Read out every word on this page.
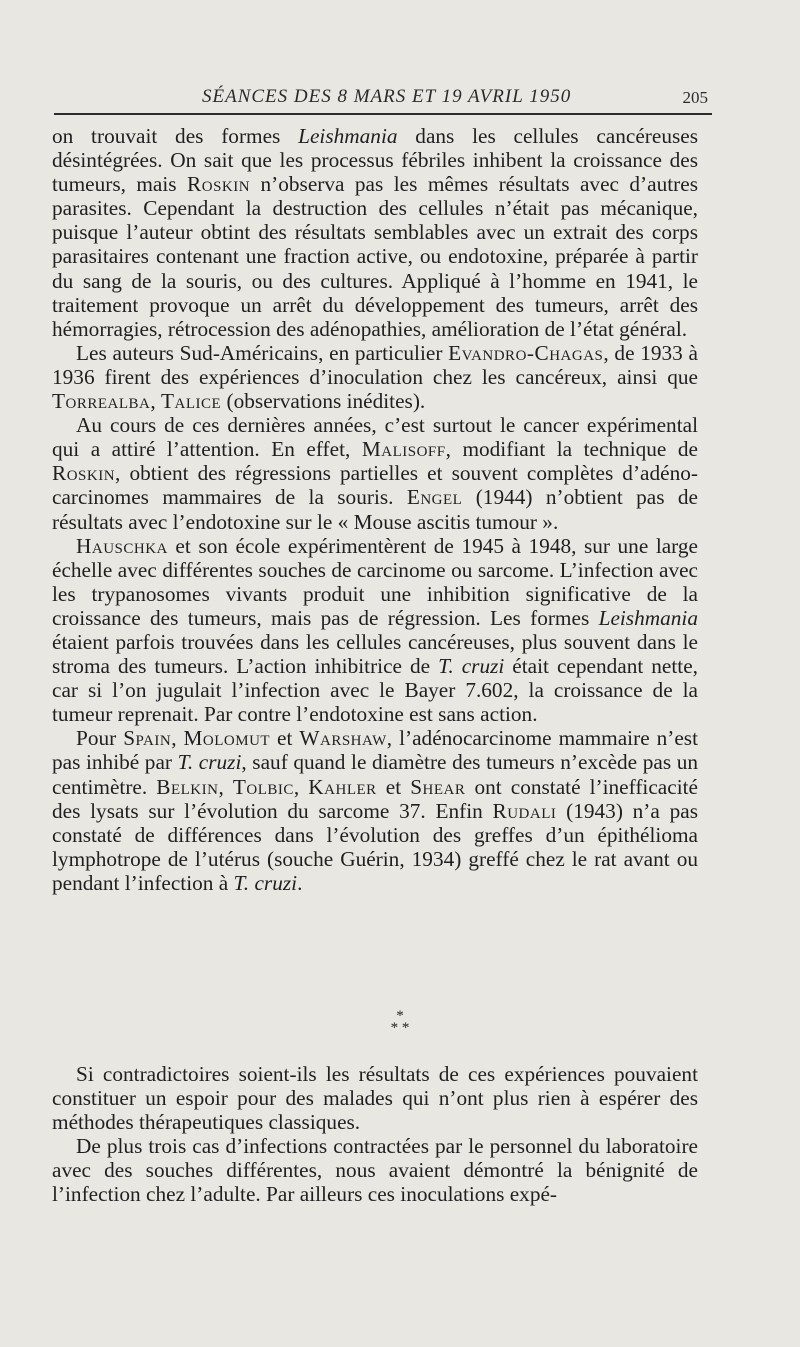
SÉANCES DES 8 MARS ET 19 AVRIL 1950	205

on trouvait des formes Leishmania dans les cellules cancéreuses désintégrées. On sait que les processus fébriles inhibent la croissance des tumeurs, mais Roskin n’observa pas les mêmes résultats avec d’autres parasites. Cependant la destruction des cellules n’était pas mécanique, puisque l’auteur obtint des résultats semblables avec un extrait des corps parasitaires contenant une fraction active, ou endotoxine, préparée à partir du sang de la souris, ou des cultures. Appliqué à l’homme en 1941, le traitement provoque un arrêt du développement des tumeurs, arrêt des hémorragies, rétrocession des adénopathies, amélioration de l’état général.

Les auteurs Sud-Américains, en particulier Evandro-Chagas, de 1933 à 1936 firent des expériences d’inoculation chez les cancéreux, ainsi que Torrealba, Talice (observations inédites).

Au cours de ces dernières années, c’est surtout le cancer expérimental qui a attiré l’attention. En effet, Malisoff, modifiant la technique de Roskin, obtient des régressions partielles et souvent complètes d’adéno-carcinomes mammaires de la souris. Engel (1944) n’obtient pas de résultats avec l’endotoxine sur le « Mouse ascitis tumour ».

Hauschka et son école expérimentèrent de 1945 à 1948, sur une large échelle avec différentes souches de carcinome ou sarcome. L’infection avec les trypanosomes vivants produit une inhibition significative de la croissance des tumeurs, mais pas de régression. Les formes Leishmania étaient parfois trouvées dans les cellules cancéreuses, plus souvent dans le stroma des tumeurs. L’action inhibitrice de T. cruzi était cependant nette, car si l’on jugulait l’infection avec le Bayer 7.602, la croissance de la tumeur reprenait. Par contre l’endotoxine est sans action.

Pour Spain, Molomut et Warshaw, l’adénocarcinome mammaire n’est pas inhibé par T. cruzi, sauf quand le diamètre des tumeurs n’excède pas un centimètre. Belkin, Tolbic, Kahler et Shear ont constaté l’inefficacité des lysats sur l’évolution du sarcome 37. Enfin Rudali (1943) n’a pas constaté de différences dans l’évolution des greffes d’un épithélioma lymphotrope de l’utérus (souche Guérin, 1934) greffé chez le rat avant ou pendant l’infection à T. cruzi.

*
* *

Si contradictoires soient-ils les résultats de ces expériences pouvaient constituer un espoir pour des malades qui n’ont plus rien à espérer des méthodes thérapeutiques classiques.

De plus trois cas d’infections contractées par le personnel du laboratoire avec des souches différentes, nous avaient démontré la bénignité de l’infection chez l’adulte. Par ailleurs ces inoculations expé-
